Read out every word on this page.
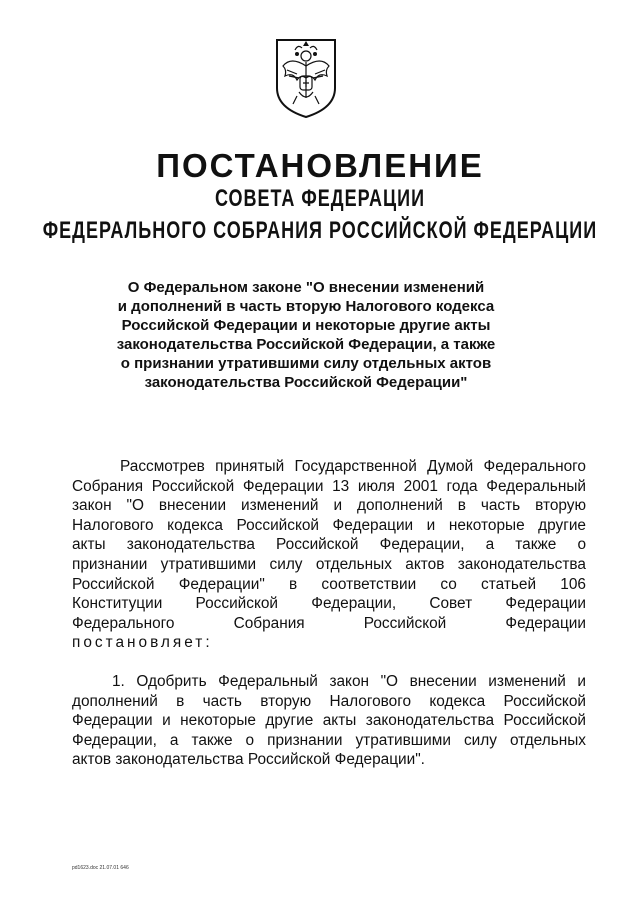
ПОСТАНОВЛЕНИЕ
СОВЕТА ФЕДЕРАЦИИ
ФЕДЕРАЛЬНОГО СОБРАНИЯ РОССИЙСКОЙ ФЕДЕРАЦИИ
О Федеральном законе "О внесении изменений
и дополнений в часть вторую Налогового кодекса
Российской Федерации и некоторые другие акты
законодательства Российской Федерации, а также
о признании утратившими силу отдельных актов
законодательства Российской Федерации"
Рассмотрев принятый Государственной Думой Федерального
Собрания Российской Федерации 13 июля 2001 года Федеральный
закон "О внесении изменений и дополнений в часть вторую
Налогового кодекса Российской Федерации и некоторые другие
акты законодательства Российской Федерации, а также о
признании утратившими силу отдельных актов законодательства
Российской Федерации" в соответствии со статьей 106
Конституции Российской Федерации, Совет Федерации
Федерального Собрания Российской Федерации
постановляет:
1. Одобрить Федеральный закон "О внесении изменений и
дополнений в часть вторую Налогового кодекса Российской
Федерации и некоторые другие акты законодательства Российской
Федерации, а также о признании утратившими силу отдельных
актов законодательства Российской Федерации".
pd1623.doc 21.07.01 646
